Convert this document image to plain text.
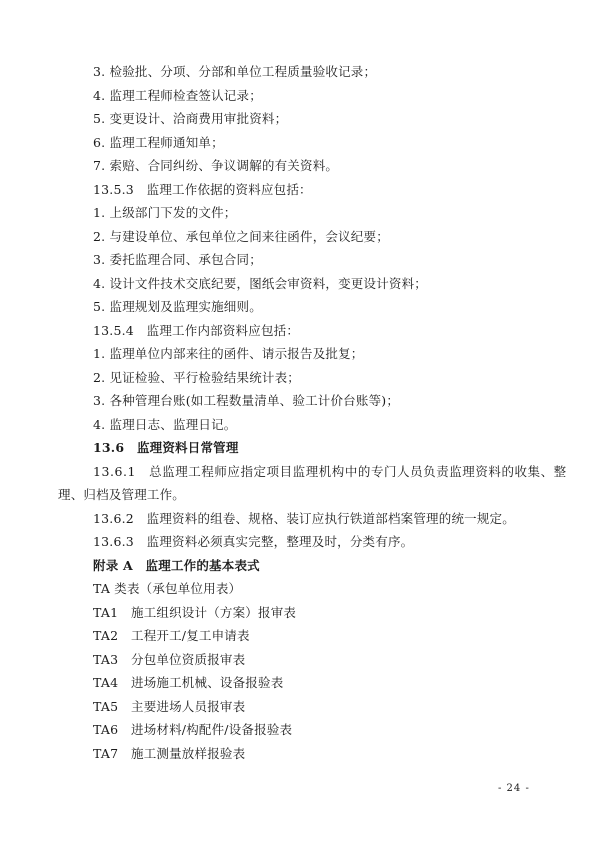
3. 检验批、分项、分部和单位工程质量验收记录；

4. 监理工程师检查签认记录；

5. 变更设计、洽商费用审批资料；

6. 监理工程师通知单；

7. 索赔、合同纠纷、争议调解的有关资料。

13.5.3　监理工作依据的资料应包括：

1. 上级部门下发的文件；

2. 与建设单位、承包单位之间来往函件，会议纪要；

3. 委托监理合同、承包合同；

4. 设计文件技术交底纪要，图纸会审资料，变更设计资料；

5. 监理规划及监理实施细则。

13.5.4　监理工作内部资料应包括：

1. 监理单位内部来往的函件、请示报告及批复；

2. 见证检验、平行检验结果统计表；

3. 各种管理台账(如工程数量清单、验工计价台账等)；

4. 监理日志、监理日记。

13.6　监理资料日常管理

13.6.1　总监理工程师应指定项目监理机构中的专门人员负责监理资料的收集、整

理、归档及管理工作。

13.6.2　监理资料的组卷、规格、装订应执行铁道部档案管理的统一规定。

13.6.3　监理资料必须真实完整，整理及时，分类有序。

附录 A　监理工作的基本表式

TA 类表（承包单位用表）

TA1 施工组织设计（方案）报审表

TA2 工程开工/复工申请表

TA3 分包单位资质报审表

TA4 进场施工机械、设备报验表

TA5 主要进场人员报审表

TA6 进场材料/构配件/设备报验表

TA7 施工测量放样报验表

- 24 -
